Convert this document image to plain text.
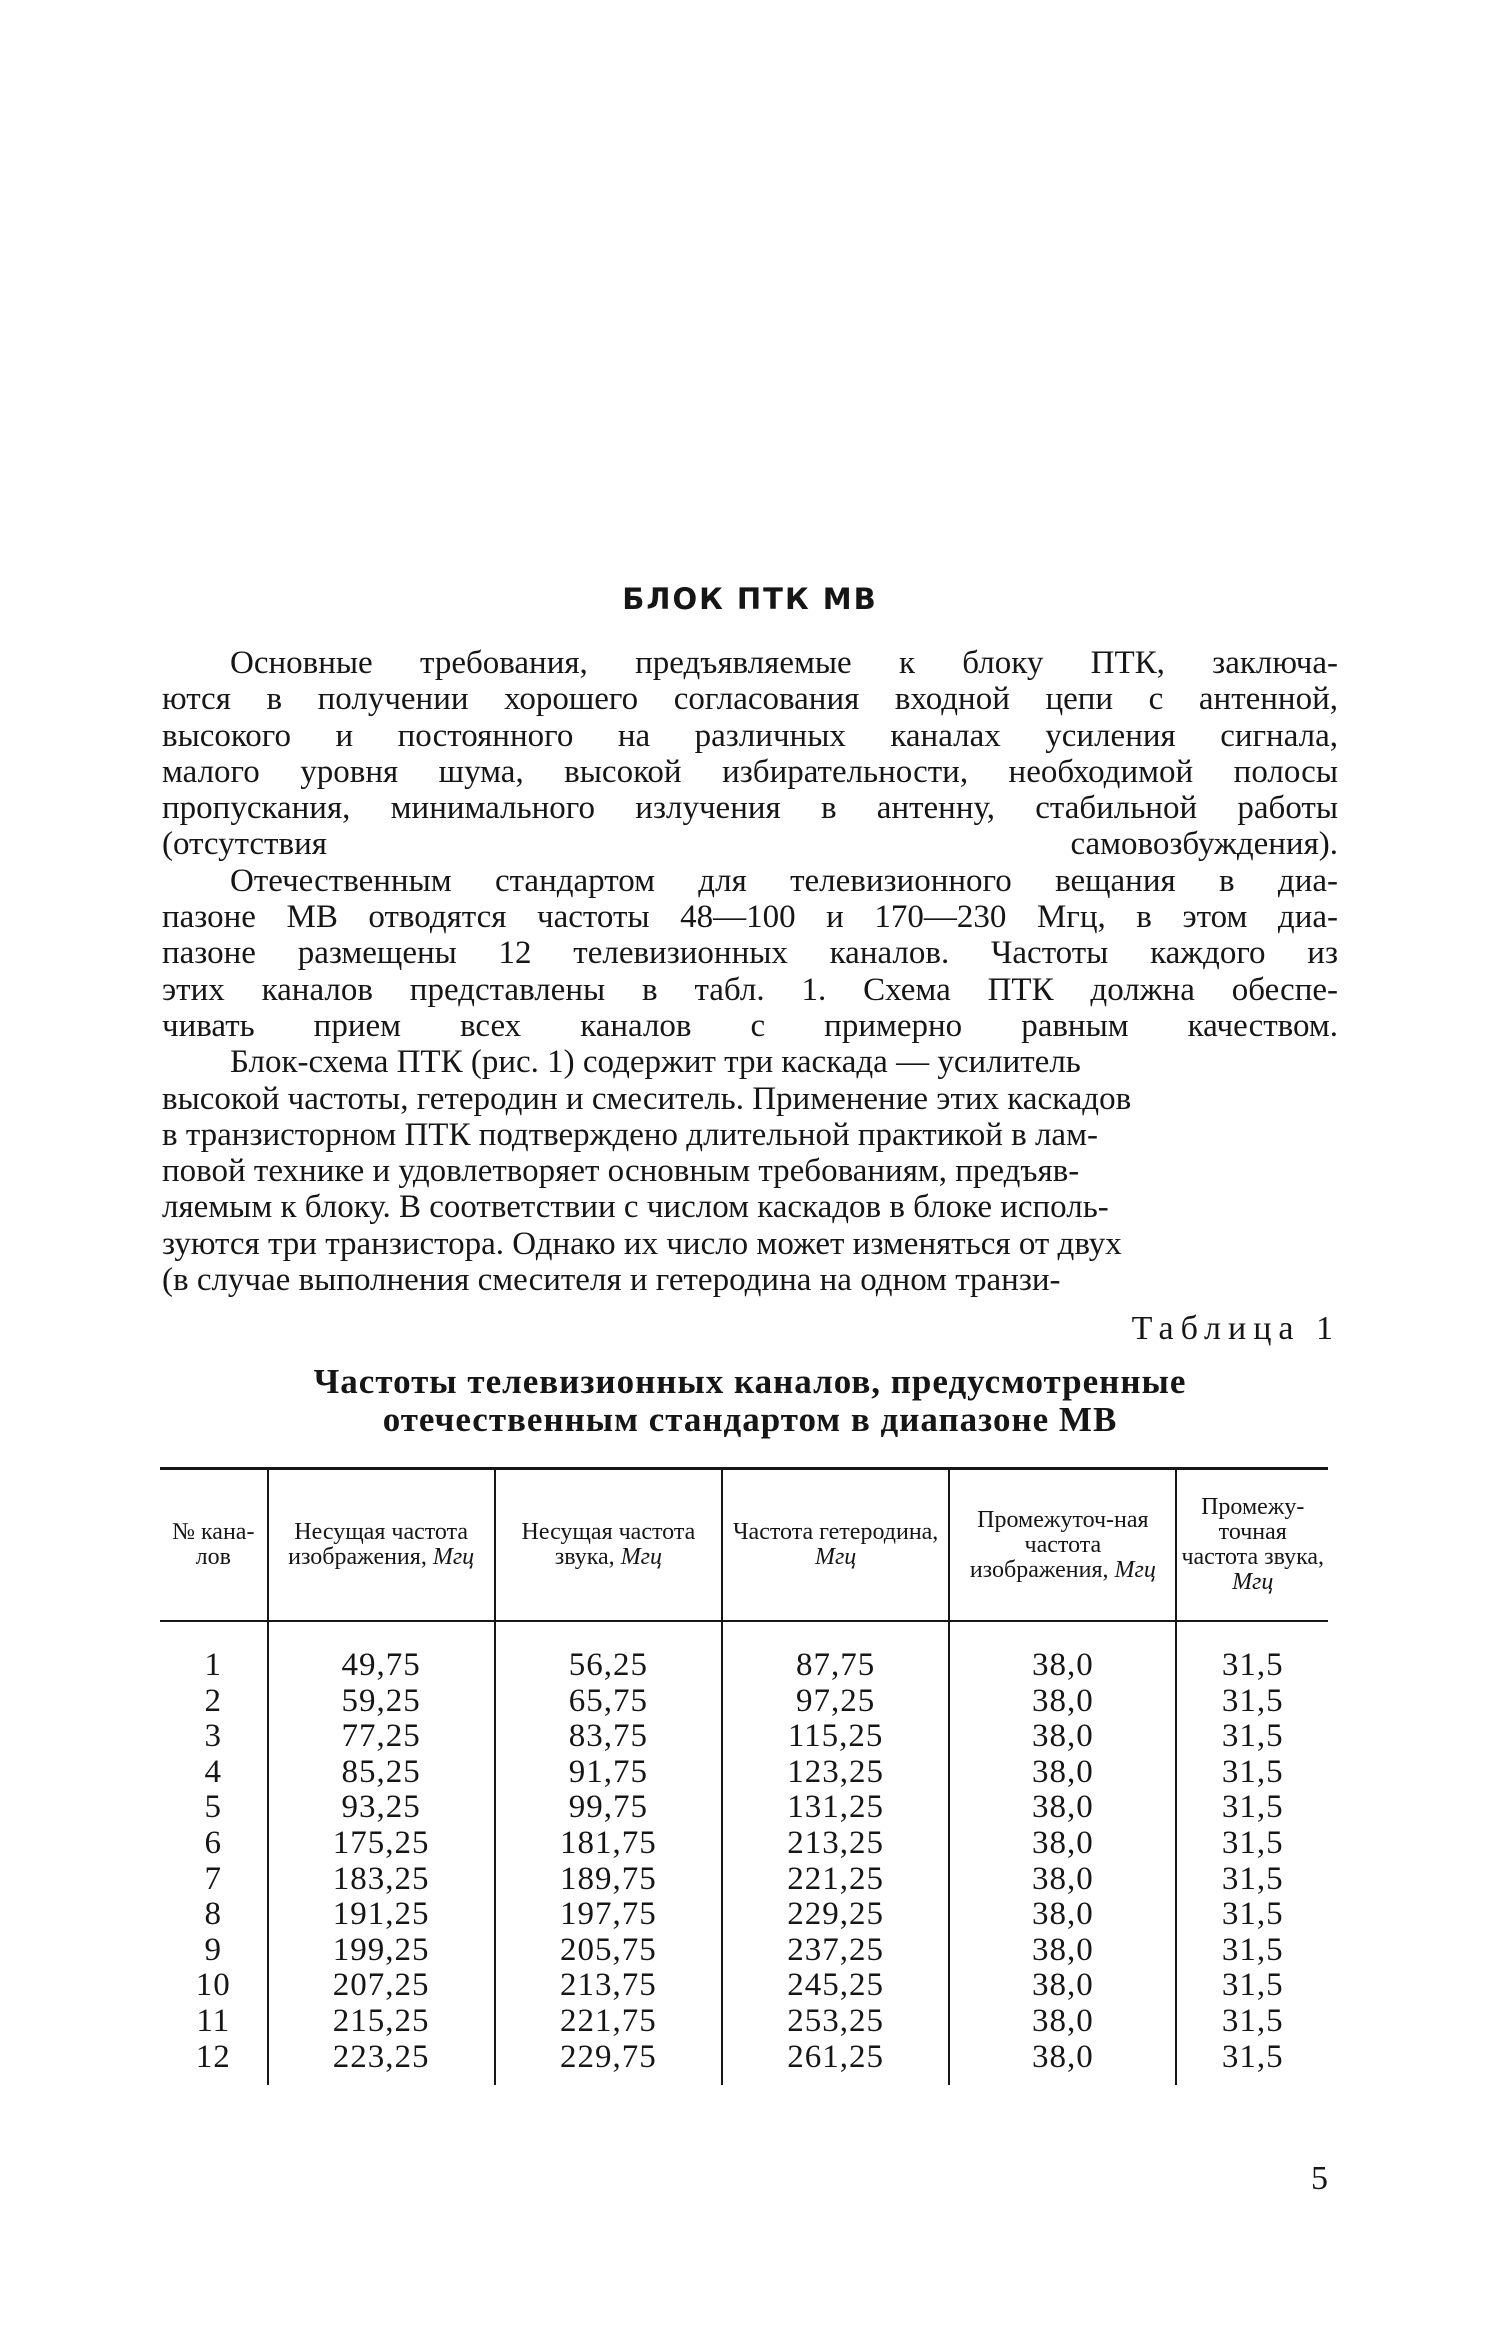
БЛОК ПТК МВ

Основные требования, предъявляемые к блоку ПТК, заключа-
ются в получении хорошего согласования входной цепи с антенной,
высокого и постоянного на различных каналах усиления сигнала,
малого уровня шума, высокой избирательности, необходимой полосы
пропускания, минимального излучения в антенну, стабильной работы
(отсутствия самовозбуждения).

Отечественным стандартом для телевизионного вещания в диа-
пазоне МВ отводятся частоты 48—100 и 170—230 Мгц, в этом диа-
пазоне размещены 12 телевизионных каналов. Частоты каждого из
этих каналов представлены в табл. 1. Схема ПТК должна обеспе-
чивать прием всех каналов с примерно равным качеством.

Блок-схема ПТК (рис. 1) содержит три каскада — усилитель
высокой частоты, гетеродин и смеситель. Применение этих каскадов
в транзисторном ПТК подтверждено длительной практикой в лам-
повой технике и удовлетворяет основным требованиям, предъяв-
ляемым к блоку. В соответствии с числом каскадов в блоке исполь-
зуются три транзистора. Однако их число может изменяться от двух
(в случае выполнения смесителя и гетеродина на одном транзи-

Таблица 1
Частоты телевизионных каналов, предусмотренные
отечественным стандартом в диапазоне МВ
№ кана-лов	Несущая частота изображения, Мгц	Несущая частота звука, Мгц	Частота гетеродина, Мгц	Промежуточ-ная частота изображения, Мгц	Промежу-точная частота звука, Мгц

1	49,75	56,25	87,75	38,0	31,5
2	59,25	65,75	97,25	38,0	31,5
3	77,25	83,75	115,25	38,0	31,5
4	85,25	91,75	123,25	38,0	31,5
5	93,25	99,75	131,25	38,0	31,5
6	175,25	181,75	213,25	38,0	31,5
7	183,25	189,75	221,25	38,0	31,5
8	191,25	197,75	229,25	38,0	31,5
9	199,25	205,75	237,25	38,0	31,5
10	207,25	213,75	245,25	38,0	31,5
11	215,25	221,75	253,25	38,0	31,5
12	223,25	229,75	261,25	38,0	31,5

5
